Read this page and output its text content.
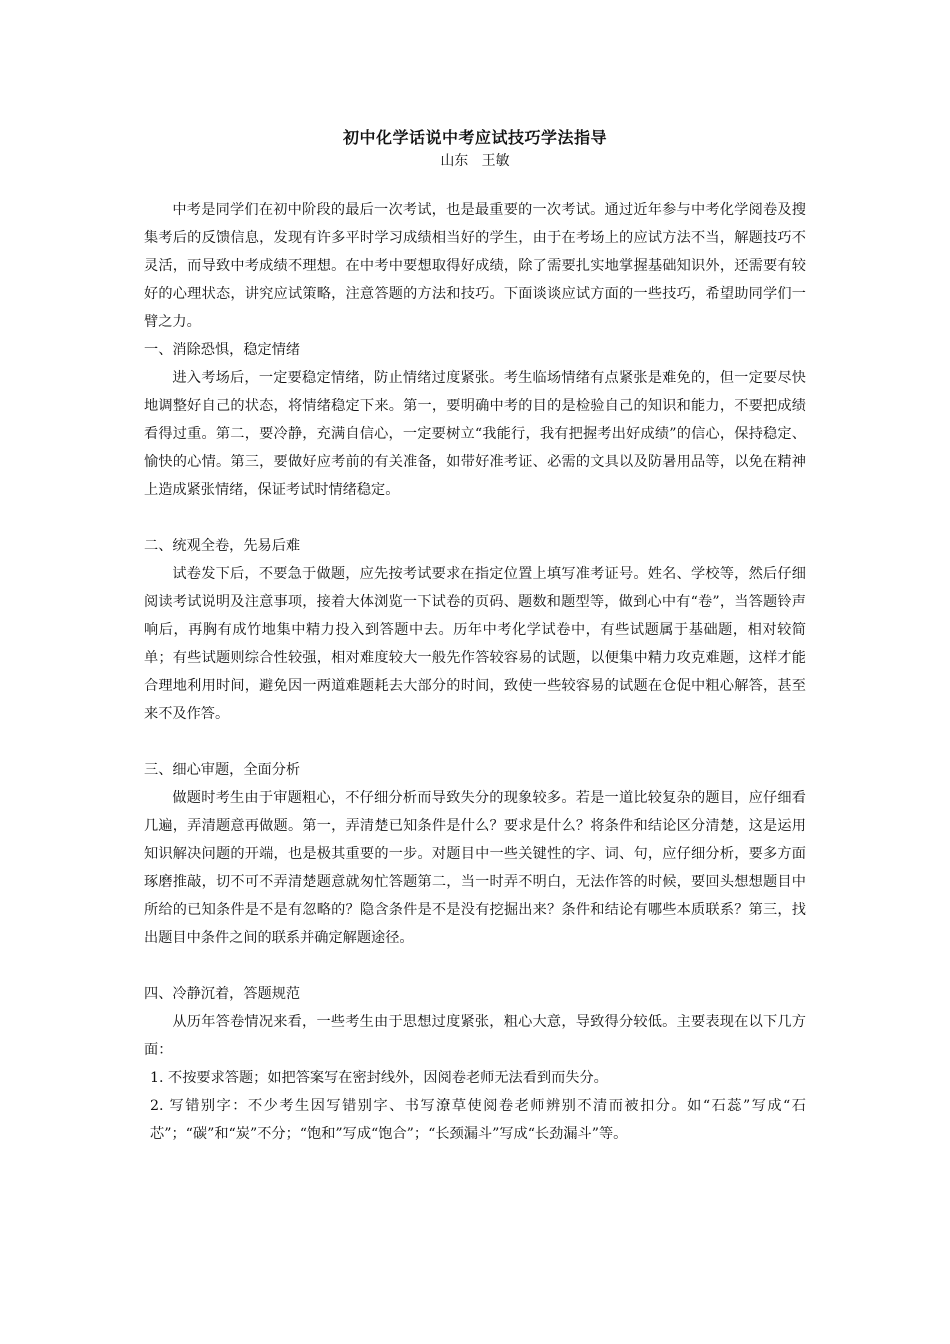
初中化学话说中考应试技巧学法指导

山东   王敏

中考是同学们在初中阶段的最后一次考试，也是最重要的一次考试。通过近年参与中考化学阅卷及搜集考后的反馈信息，发现有许多平时学习成绩相当好的学生，由于在考场上的应试方法不当，解题技巧不灵活，而导致中考成绩不理想。在中考中要想取得好成绩，除了需要扎实地掌握基础知识外，还需要有较好的心理状态，讲究应试策略，注意答题的方法和技巧。下面谈谈应试方面的一些技巧，希望助同学们一臂之力。

一、消除恐惧，稳定情绪

进入考场后，一定要稳定情绪，防止情绪过度紧张。考生临场情绪有点紧张是难免的，但一定要尽快地调整好自己的状态，将情绪稳定下来。第一，要明确中考的目的是检验自己的知识和能力，不要把成绩看得过重。第二，要冷静，充满自信心，一定要树立“我能行，我有把握考出好成绩”的信心，保持稳定、愉快的心情。第三，要做好应考前的有关准备，如带好准考证、必需的文具以及防暑用品等，以免在精神上造成紧张情绪，保证考试时情绪稳定。

二、统观全卷，先易后难

试卷发下后，不要急于做题，应先按考试要求在指定位置上填写准考证号。姓名、学校等，然后仔细阅读考试说明及注意事项，接着大体浏览一下试卷的页码、题数和题型等，做到心中有“卷”，当答题铃声响后，再胸有成竹地集中精力投入到答题中去。历年中考化学试卷中，有些试题属于基础题，相对较简单；有些试题则综合性较强，相对难度较大一般先作答较容易的试题，以便集中精力攻克难题，这样才能合理地利用时间，避免因一两道难题耗去大部分的时间，致使一些较容易的试题在仓促中粗心解答，甚至来不及作答。

三、细心审题，全面分析

做题时考生由于审题粗心，不仔细分析而导致失分的现象较多。若是一道比较复杂的题目，应仔细看几遍，弄清题意再做题。第一，弄清楚已知条件是什么？要求是什么？将条件和结论区分清楚，这是运用知识解决问题的开端，也是极其重要的一步。对题目中一些关键性的字、词、句，应仔细分析，要多方面琢磨推敲，切不可不弄清楚题意就匆忙答题第二，当一时弄不明白，无法作答的时候，要回头想想题目中所给的已知条件是不是有忽略的？隐含条件是不是没有挖掘出来？条件和结论有哪些本质联系？第三，找出题目中条件之间的联系并确定解题途径。

四、冷静沉着，答题规范

从历年答卷情况来看，一些考生由于思想过度紧张，粗心大意，导致得分较低。主要表现在以下几方面：

1. 不按要求答题；如把答案写在密封线外，因阅卷老师无法看到而失分。

2. 写错别字：不少考生因写错别字、书写潦草使阅卷老师辨别不清而被扣分。如“石蕊”写成“石芯”；“碳”和“炭”不分；“饱和”写成“饱合”；“长颈漏斗”写成“长劲漏斗”等。
